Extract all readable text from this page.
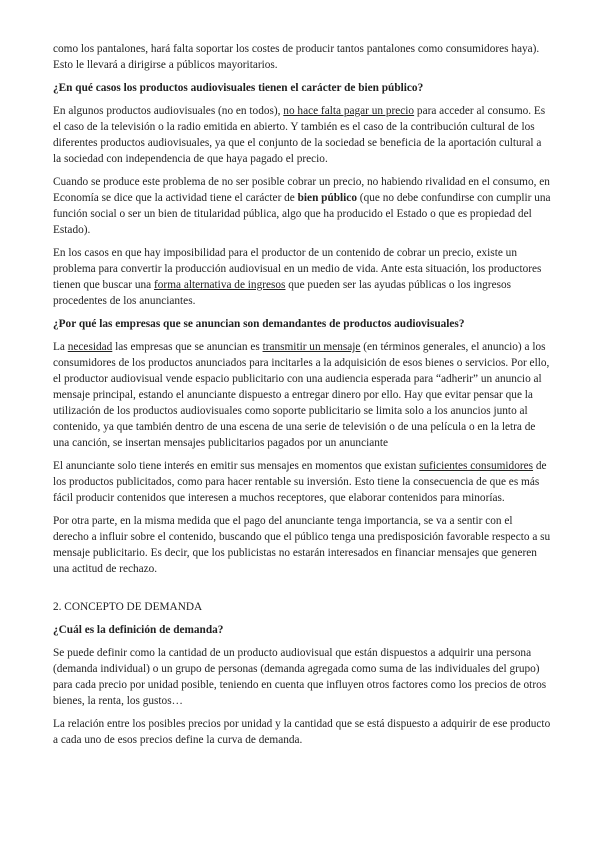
como los pantalones, hará falta soportar los costes de producir tantos pantalones como consumidores haya). Esto le llevará a dirigirse a públicos mayoritarios.

¿En qué casos los productos audiovisuales tienen el carácter de bien público?

En algunos productos audiovisuales (no en todos), no hace falta pagar un precio para acceder al consumo. Es el caso de la televisión o la radio emitida en abierto. Y también es el caso de la contribución cultural de los diferentes productos audiovisuales, ya que el conjunto de la sociedad se beneficia de la aportación cultural a la sociedad con independencia de que haya pagado el precio.

Cuando se produce este problema de no ser posible cobrar un precio, no habiendo rivalidad en el consumo, en Economía se dice que la actividad tiene el carácter de bien público (que no debe confundirse con cumplir una función social o ser un bien de titularidad pública, algo que ha producido el Estado o que es propiedad del Estado).

En los casos en que hay imposibilidad para el productor de un contenido de cobrar un precio, existe un problema para convertir la producción audiovisual en un medio de vida. Ante esta situación, los productores tienen que buscar una forma alternativa de ingresos que pueden ser las ayudas públicas o los ingresos procedentes de los anunciantes.

¿Por qué las empresas que se anuncian son demandantes de productos audiovisuales?

La necesidad las empresas que se anuncian es transmitir un mensaje (en términos generales, el anuncio) a los consumidores de los productos anunciados para incitarles a la adquisición de esos bienes o servicios. Por ello, el productor audiovisual vende espacio publicitario con una audiencia esperada para “adherir” un anuncio al mensaje principal, estando el anunciante dispuesto a entregar dinero por ello. Hay que evitar pensar que la utilización de los productos audiovisuales como soporte publicitario se limita solo a los anuncios junto al contenido, ya que también dentro de una escena de una serie de televisión o de una película o en la letra de una canción, se insertan mensajes publicitarios pagados por un anunciante

El anunciante solo tiene interés en emitir sus mensajes en momentos que existan suficientes consumidores de los productos publicitados, como para hacer rentable su inversión. Esto tiene la consecuencia de que es más fácil producir contenidos que interesen a muchos receptores, que elaborar contenidos para minorías.

Por otra parte, en la misma medida que el pago del anunciante tenga importancia, se va a sentir con el derecho a influir sobre el contenido, buscando que el público tenga una predisposición favorable respecto a su mensaje publicitario. Es decir, que los publicistas no estarán interesados en financiar mensajes que generen una actitud de rechazo.

2. CONCEPTO DE DEMANDA

¿Cuál es la definición de demanda?

Se puede definir como la cantidad de un producto audiovisual que están dispuestos a adquirir una persona (demanda individual) o un grupo de personas (demanda agregada como suma de las individuales del grupo) para cada precio por unidad posible, teniendo en cuenta que influyen otros factores como los precios de otros bienes, la renta, los gustos…

La relación entre los posibles precios por unidad y la cantidad que se está dispuesto a adquirir de ese producto a cada uno de esos precios define la curva de demanda.
